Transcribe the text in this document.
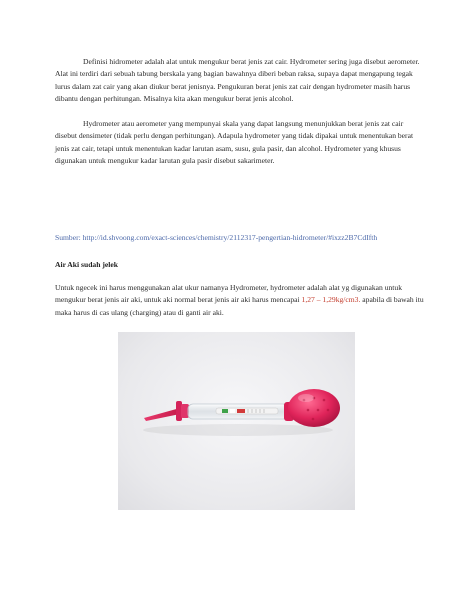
Definisi hidrometer adalah alat untuk mengukur berat jenis zat cair. Hydrometer sering juga disebut aerometer. Alat ini terdiri dari sebuah tabung berskala yang bagian bawahnya diberi beban raksa, supaya dapat mengapung tegak lurus dalam zat cair yang akan diukur berat jenisnya. Pengukuran berat jenis zat cair dengan hydrometer masih harus dibantu dengan perhitungan. Misalnya kita akan mengukur berat jenis alcohol.

Hydrometer atau aerometer yang mempunyai skala yang dapat langsung menunjukkan berat jenis zat cair disebut densimeter (tidak perlu dengan perhitungan). Adapula hydrometer yang tidak dipakai untuk menentukan berat jenis zat cair, tetapi untuk menentukan kadar larutan asam, susu, gula pasir, dan alcohol. Hydrometer yang khusus digunakan untuk mengukur kadar larutan gula pasir disebut sakarimeter.

Sumber: http://id.shvoong.com/exact-sciences/chemistry/2112317-pengertian-hidrometer/#ixzz2B7CdIfth

Air Aki sudah jelek

Untuk ngecek ini harus menggunakan alat ukur namanya Hydrometer, hydrometer adalah alat yg digunakan untuk mengukur berat jenis air aki, untuk aki normal berat jenis air aki harus mencapai 1,27 – 1,29kg/cm3. apabila di bawah itu maka harus di cas ulang (charging) atau di ganti air aki.
